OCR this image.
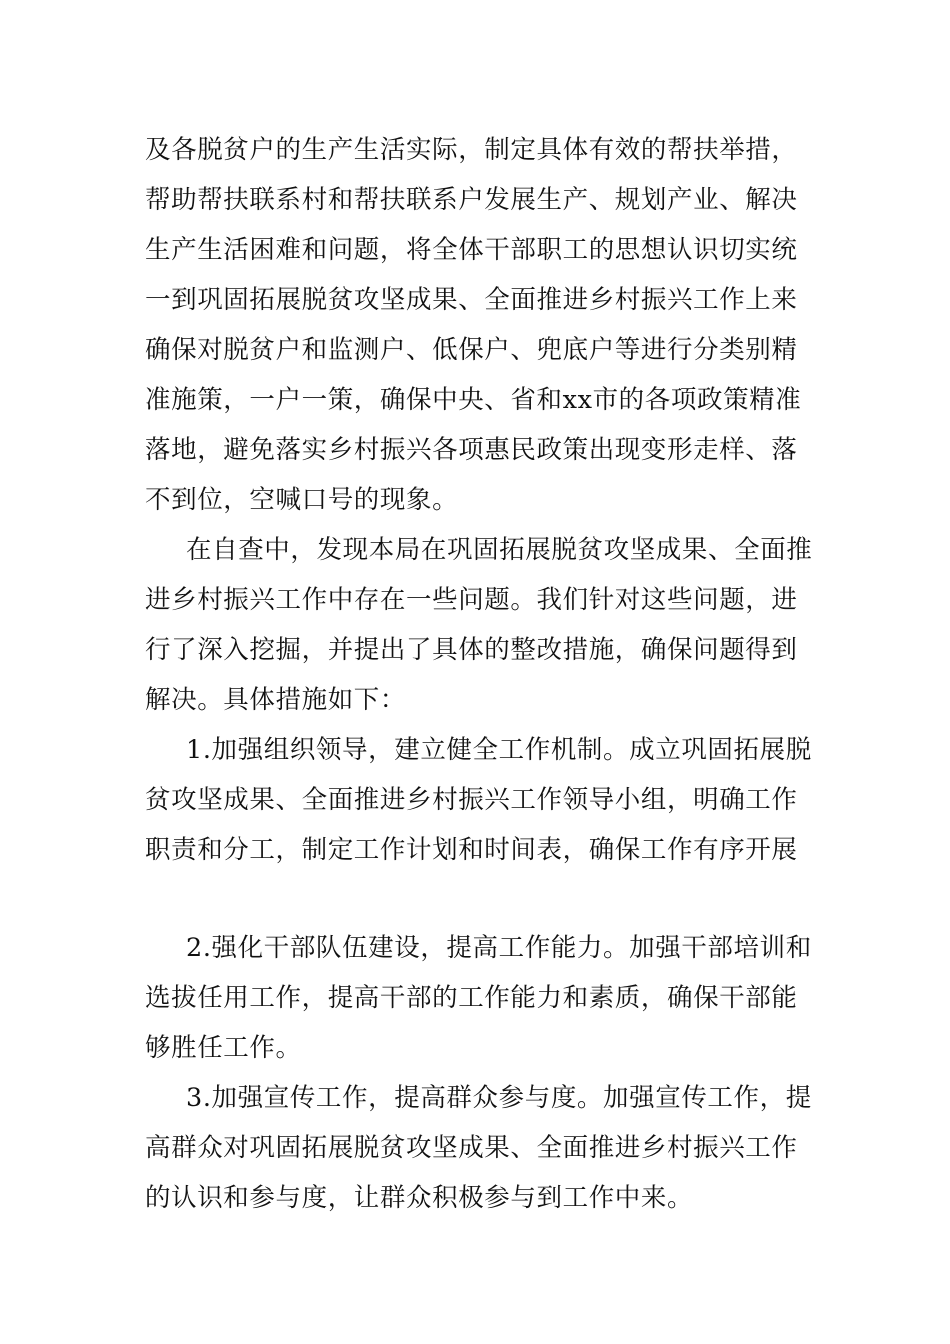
及各脱贫户的生产生活实际，制定具体有效的帮扶举措，
帮助帮扶联系村和帮扶联系户发展生产、规划产业、解决
生产生活困难和问题，将全体干部职工的思想认识切实统
一到巩固拓展脱贫攻坚成果、全面推进乡村振兴工作上来
确保对脱贫户和监测户、低保户、兜底户等进行分类别精
准施策，一户一策，确保中央、省和xx市的各项政策精准
落地，避免落实乡村振兴各项惠民政策出现变形走样、落
不到位，空喊口号的现象。
在自查中，发现本局在巩固拓展脱贫攻坚成果、全面推
进乡村振兴工作中存在一些问题。我们针对这些问题，进
行了深入挖掘，并提出了具体的整改措施，确保问题得到
解决。具体措施如下：
1.加强组织领导，建立健全工作机制。成立巩固拓展脱
贫攻坚成果、全面推进乡村振兴工作领导小组，明确工作
职责和分工，制定工作计划和时间表，确保工作有序开展
2.强化干部队伍建设，提高工作能力。加强干部培训和
选拔任用工作，提高干部的工作能力和素质，确保干部能
够胜任工作。
3.加强宣传工作，提高群众参与度。加强宣传工作，提
高群众对巩固拓展脱贫攻坚成果、全面推进乡村振兴工作
的认识和参与度，让群众积极参与到工作中来。
